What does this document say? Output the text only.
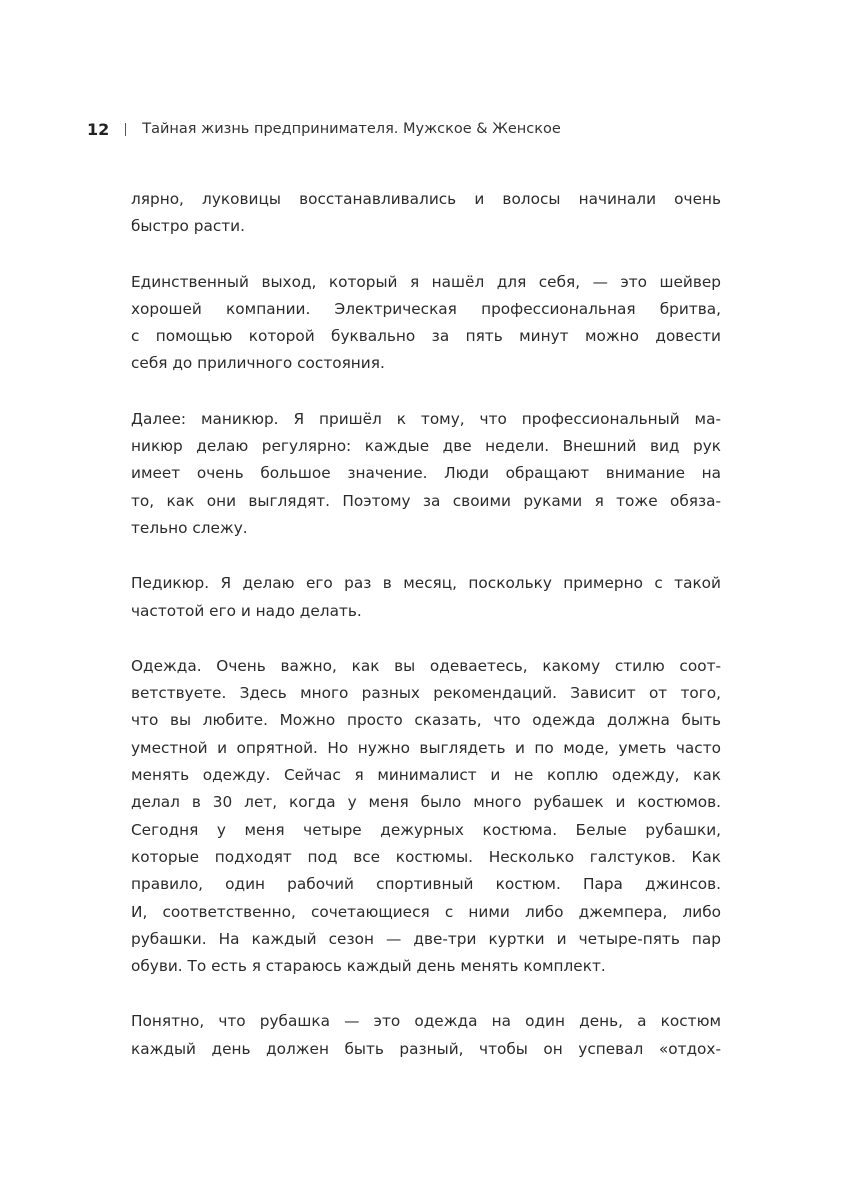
12 Тайная жизнь предпринимателя. Мужское & Женское
лярно, луковицы восстанавливались и волосы начинали очень
быстро расти.
Единственный выход, который я нашёл для себя, — это шейвер
хорошей компании. Электрическая профессиональная бритва,
с помощью которой буквально за пять минут можно довести
себя до приличного состояния.
Далее: маникюр. Я пришёл к тому, что профессиональный ма-
никюр делаю регулярно: каждые две недели. Внешний вид рук
имеет очень большое значение. Люди обращают внимание на
то, как они выглядят. Поэтому за своими руками я тоже обяза-
тельно слежу.
Педикюр. Я делаю его раз в месяц, поскольку примерно с такой
частотой его и надо делать.
Одежда. Очень важно, как вы одеваетесь, какому стилю соот-
ветствуете. Здесь много разных рекомендаций. Зависит от того,
что вы любите. Можно просто сказать, что одежда должна быть
уместной и опрятной. Но нужно выглядеть и по моде, уметь часто
менять одежду. Сейчас я минималист и не коплю одежду, как
делал в 30 лет, когда у меня было много рубашек и костюмов.
Сегодня у меня четыре дежурных костюма. Белые рубашки,
которые подходят под все костюмы. Несколько галстуков. Как
правило, один рабочий спортивный костюм. Пара джинсов.
И, соответственно, сочетающиеся с ними либо джемпера, либо
рубашки. На каждый сезон — две-три куртки и четыре-пять пар
обуви. То есть я стараюсь каждый день менять комплект.
Понятно, что рубашка — это одежда на один день, а костюм
каждый день должен быть разный, чтобы он успевал «отдох-
